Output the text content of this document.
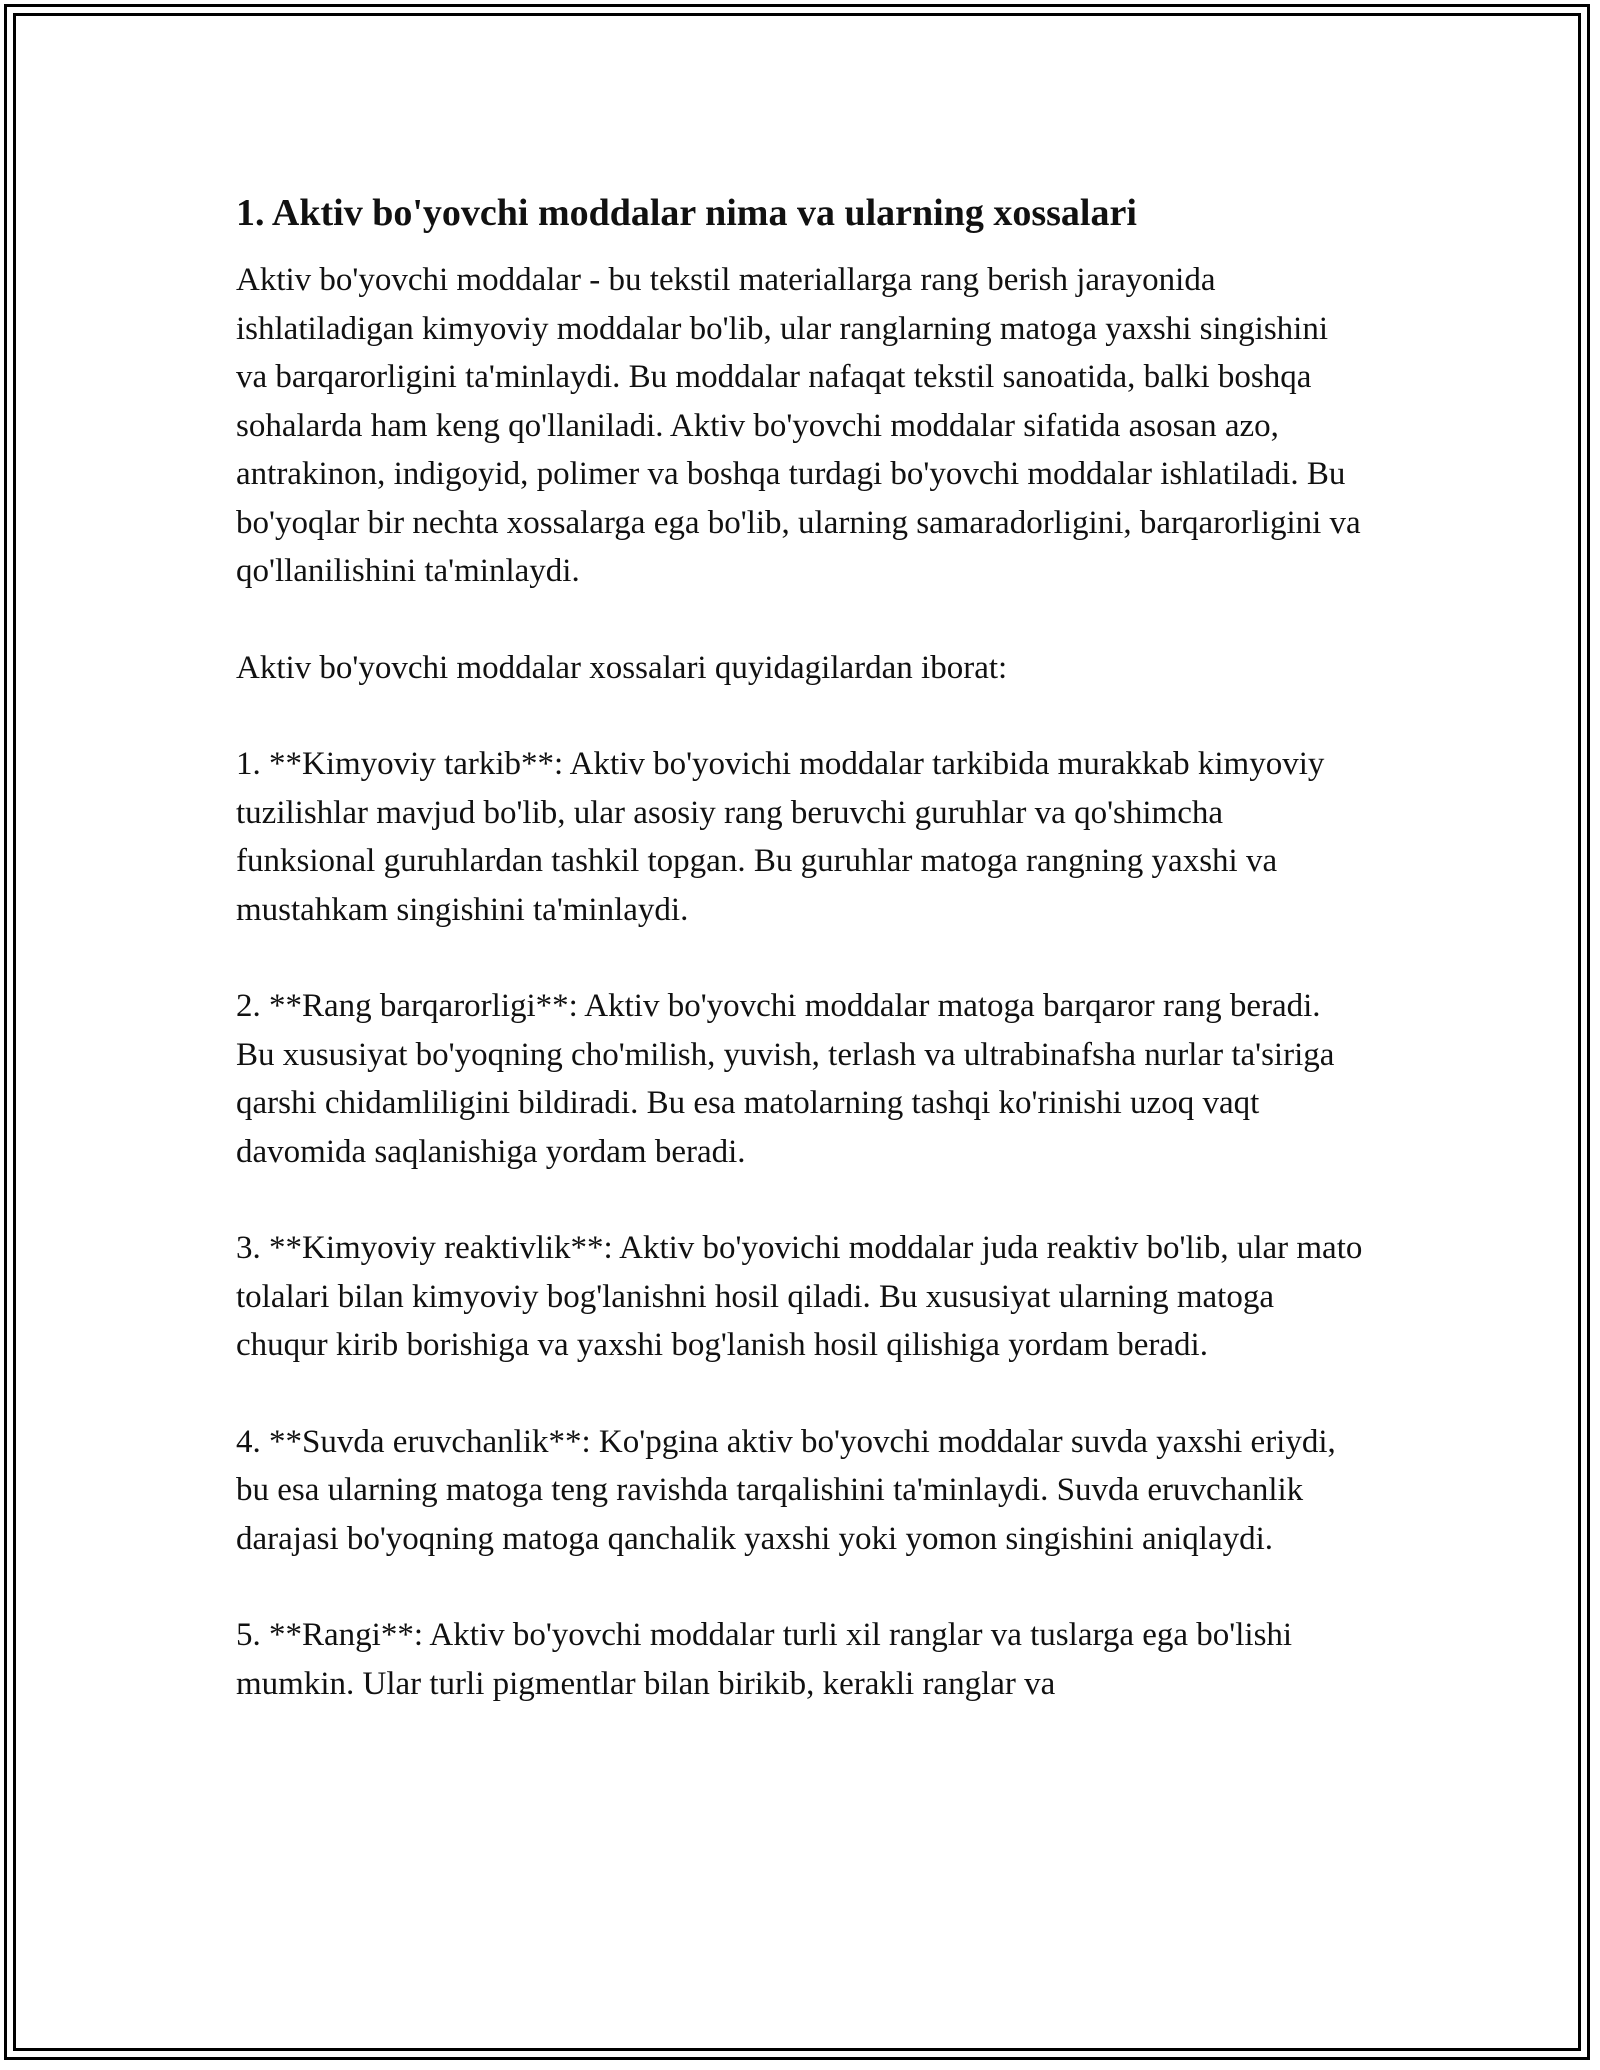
1. Aktiv bo'yovchi moddalar nima va ularning xossalari

Aktiv bo'yovchi moddalar - bu tekstil materiallarga rang berish jarayonida ishlatiladigan kimyoviy moddalar bo'lib, ular ranglarning matoga yaxshi singishini va barqarorligini ta'minlaydi. Bu moddalar nafaqat tekstil sanoatida, balki boshqa sohalarda ham keng qo'llaniladi. Aktiv bo'yovchi moddalar sifatida asosan azo, antrakinon, indigoyid, polimer va boshqa turdagi bo'yovchi moddalar ishlatiladi. Bu bo'yoqlar bir nechta xossalarga ega bo'lib, ularning samaradorligini, barqarorligini va qo'llanilishini ta'minlaydi.

Aktiv bo'yovchi moddalar xossalari quyidagilardan iborat:

1. **Kimyoviy tarkib**: Aktiv bo'yovichi moddalar tarkibida murakkab kimyoviy tuzilishlar mavjud bo'lib, ular asosiy rang beruvchi guruhlar va qo'shimcha funksional guruhlardan tashkil topgan. Bu guruhlar matoga rangning yaxshi va mustahkam singishini ta'minlaydi.

2. **Rang barqarorligi**: Aktiv bo'yovchi moddalar matoga barqaror rang beradi. Bu xususiyat bo'yoqning cho'milish, yuvish, terlash va ultrabinafsha nurlar ta'siriga qarshi chidamliligini bildiradi. Bu esa matolarning tashqi ko'rinishi uzoq vaqt davomida saqlanishiga yordam beradi.

3. **Kimyoviy reaktivlik**: Aktiv bo'yovichi moddalar juda reaktiv bo'lib, ular mato tolalari bilan kimyoviy bog'lanishni hosil qiladi. Bu xususiyat ularning matoga chuqur kirib borishiga va yaxshi bog'lanish hosil qilishiga yordam beradi.

4. **Suvda eruvchanlik**: Ko'pgina aktiv bo'yovchi moddalar suvda yaxshi eriydi, bu esa ularning matoga teng ravishda tarqalishini ta'minlaydi. Suvda eruvchanlik darajasi bo'yoqning matoga qanchalik yaxshi yoki yomon singishini aniqlaydi.

5. **Rangi**: Aktiv bo'yovchi moddalar turli xil ranglar va tuslarga ega bo'lishi mumkin. Ular turli pigmentlar bilan birikib, kerakli ranglar va
